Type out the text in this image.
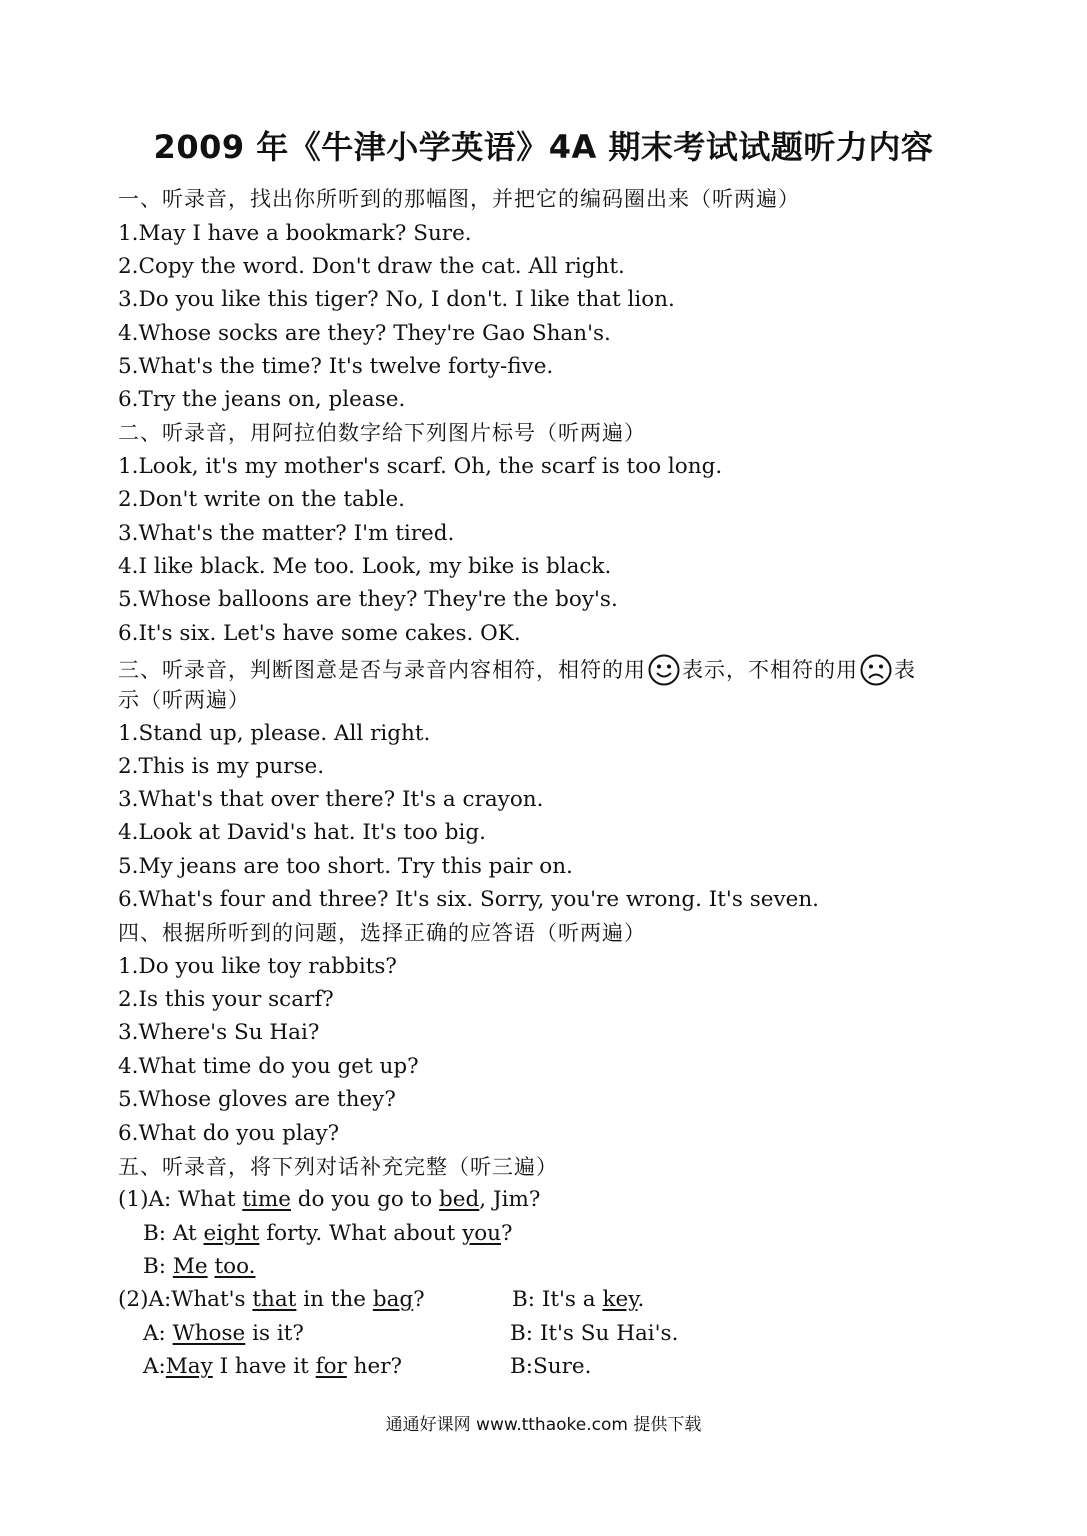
2009 年《牛津小学英语》4A 期末考试试题听力内容
一、听录音，找出你所听到的那幅图，并把它的编码圈出来（听两遍）
1.May I have a bookmark? Sure.
2.Copy the word. Don't draw the cat. All right.
3.Do you like this tiger? No, I don't. I like that lion.
4.Whose socks are they? They're Gao Shan's.
5.What's the time? It's twelve forty-five.
6.Try the jeans on, please.
二、听录音，用阿拉伯数字给下列图片标号（听两遍）
1.Look, it's my mother's scarf. Oh, the scarf is too long.
2.Don't write on the table.
3.What's the matter? I'm tired.
4.I like black. Me too. Look, my bike is black.
5.Whose balloons are they? They're the boy's.
6.It's six. Let's have some cakes. OK.
三、听录音，判断图意是否与录音内容相符，相符的用 表示，不相符的用 表
示（听两遍）
1.Stand up, please. All right.
2.This is my purse.
3.What's that over there? It's a crayon.
4.Look at David's hat. It's too big.
5.My jeans are too short. Try this pair on.
6.What's four and three? It's six. Sorry, you're wrong. It's seven.
四、根据所听到的问题，选择正确的应答语（听两遍）
1.Do you like toy rabbits?
2.Is this your scarf?
3.Where's Su Hai?
4.What time do you get up?
5.Whose gloves are they?
6.What do you play?
五、听录音，将下列对话补充完整（听三遍）
(1)A: What time do you go to bed, Jim?
B: At eight forty. What about you?
B: Me too.
(2)A:What's that in the bag?	B: It's a key.
A: Whose is it?	B: It's Su Hai's.
A:May I have it for her?	B:Sure.
通通好课网 www.tthaoke.com 提供下载
